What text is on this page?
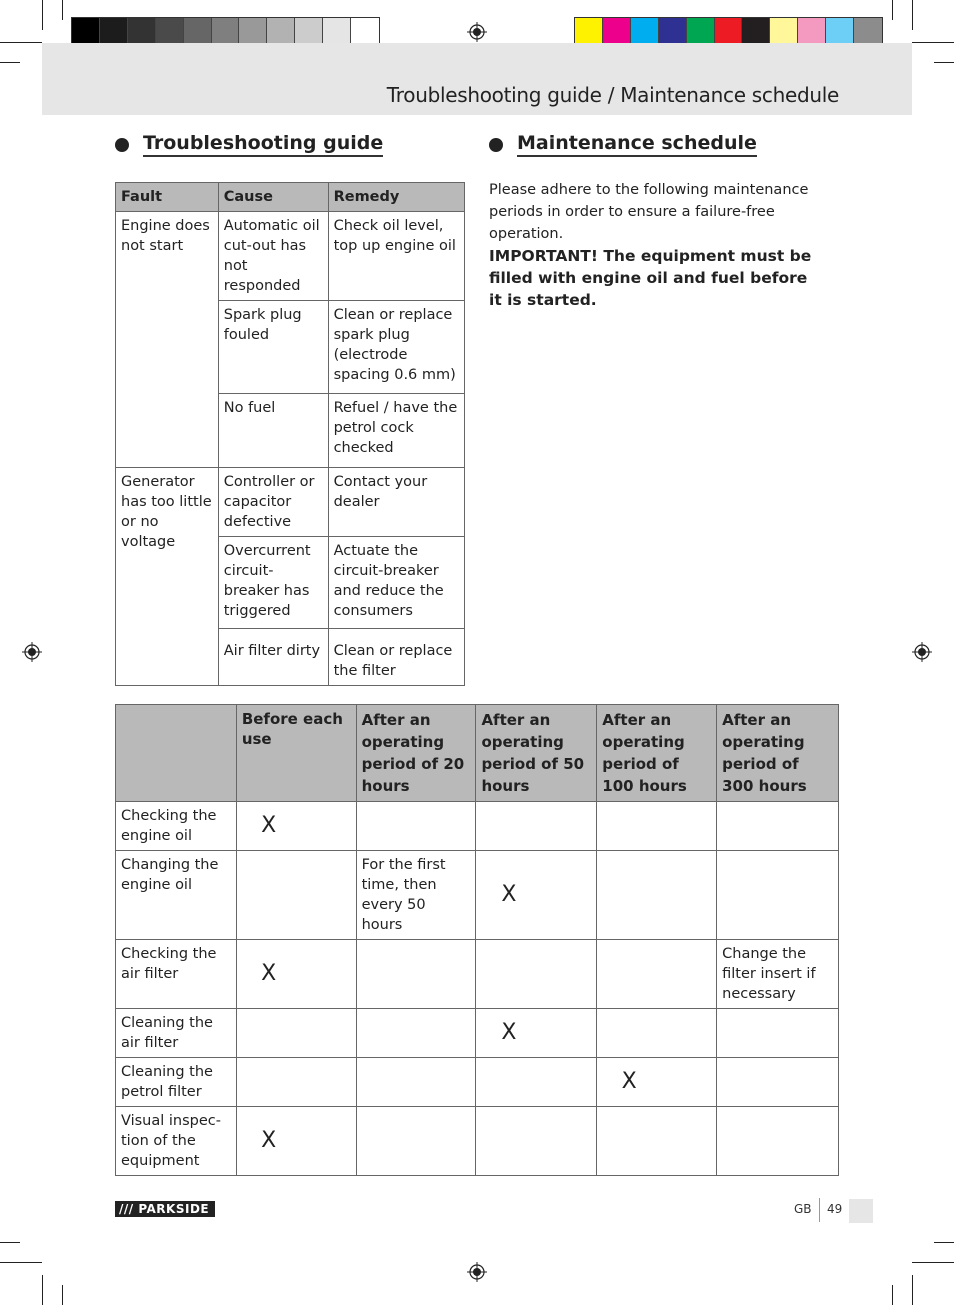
Troubleshooting guide / Maintenance schedule
Troubleshooting guide
Fault	Cause	Remedy
Engine does not start	Automatic oil cut-out has not responded	Check oil level, top up engine oil
	Spark plug fouled	Clean or replace spark plug (electrode spacing 0.6 mm)
	No fuel	Refuel / have the petrol cock checked
Generator has too little or no voltage	Controller or capacitor defective	Contact your dealer
	Overcurrent circuit-breaker has triggered	Actuate the circuit-breaker and reduce the consumers
	Air filter dirty	Clean or replace the filter
Maintenance schedule
Please adhere to the following maintenance periods in order to ensure a failure-free operation.
IMPORTANT! The equipment must be filled with engine oil and fuel before it is started.
	Before each use	After an operating period of 20 hours	After an operating period of 50 hours	After an operating period of 100 hours	After an operating period of 300 hours
Checking the engine oil	X				
Changing the engine oil		For the first time, then every 50 hours	X		
Checking the air filter	X				Change the filter insert if necessary
Cleaning the air filter			X		
Cleaning the petrol filter				X	
Visual inspec-tion of the equipment	X				
/// PARKSIDE	GB 49
